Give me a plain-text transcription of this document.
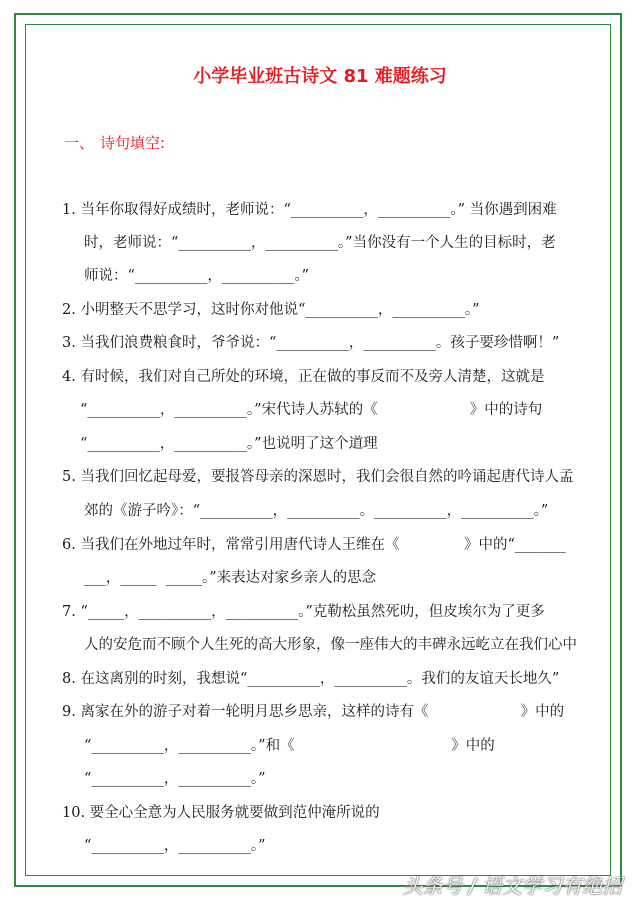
小学毕业班古诗文 81 难题练习
一、 诗句填空:
1. 当年你取得好成绩时，老师说：“__________，__________。” 当你遇到困难
时，老师说：“__________，__________。”当你没有一个人生的目标时，老
师说：“__________，__________。”
2. 小明整天不思学习，这时你对他说“__________，__________。”
3. 当我们浪费粮食时，爷爷说：“__________，__________。孩子要珍惜啊！”
4. 有时候，我们对自己所处的环境，正在做的事反而不及旁人清楚，这就是
“__________，__________。”宋代诗人苏轼的《                    》中的诗句
“__________，__________。”也说明了这个道理
5. 当我们回忆起母爱，要报答母亲的深恩时，我们会很自然的吟诵起唐代诗人孟
郊的《游子吟》：“__________，__________。__________，__________。”
6. 当我们在外地过年时，常常引用唐代诗人王维在《              》中的“_______
___，_____  _____。”来表达对家乡亲人的思念
7. “_____，__________，__________。”克勒松虽然死叻，但皮埃尔为了更多
人的安危而不顾个人生死的高大形象，像一座伟大的丰碑永远屹立在我们心中
8. 在这离别的时刻，我想说“__________，__________。我们的友谊天长地久”
9. 离家在外的游子对着一轮明月思乡思亲，这样的诗有《                    》中的
“__________，__________。”和《                                  》中的
“__________，__________。”
10. 要全心全意为人民服务就要做到范仲淹所说的
“__________，__________。”
头条号 / 语文学习有绝招
